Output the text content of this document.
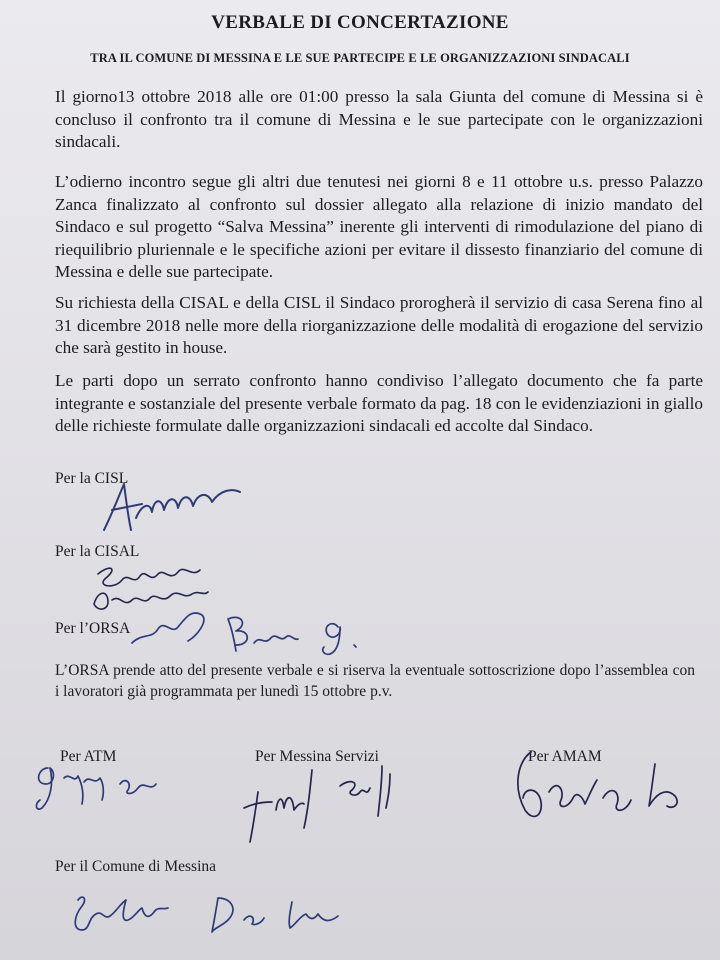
VERBALE DI CONCERTAZIONE
TRA IL COMUNE DI MESSINA E LE SUE PARTECIPE E LE ORGANIZZAZIONI SINDACALI

Il giorno13 ottobre 2018 alle ore 01:00 presso la sala Giunta del comune di Messina si è concluso il confronto tra il comune di Messina e le sue partecipate con le organizzazioni sindacali.

L’odierno incontro segue gli altri due tenutesi nei giorni 8 e 11 ottobre u.s. presso Palazzo Zanca finalizzato al confronto sul dossier allegato alla relazione di inizio mandato del Sindaco e sul progetto “Salva Messina” inerente gli interventi di rimodulazione del piano di riequilibrio pluriennale e le specifiche azioni per evitare il dissesto finanziario del comune di Messina e delle sue partecipate.

Su richiesta della CISAL e della CISL il Sindaco prorogherà il servizio di casa Serena fino al 31 dicembre 2018 nelle more della riorganizzazione delle modalità di erogazione del servizio che sarà gestito in house.

Le parti dopo un serrato confronto hanno condiviso l’allegato documento che fa parte integrante e sostanziale del presente verbale formato da pag. 18 con le evidenziazioni in giallo delle richieste formulate dalle organizzazioni sindacali ed accolte dal Sindaco.

Per la CISL
Per la CISAL
Per l’ORSA

L’ORSA prende atto del presente verbale e si riserva la eventuale sottoscrizione dopo l’assemblea con i lavoratori già programmata per lunedì 15 ottobre p.v.

Per ATM	Per Messina Servizi	Per AMAM
Per il Comune di Messina
